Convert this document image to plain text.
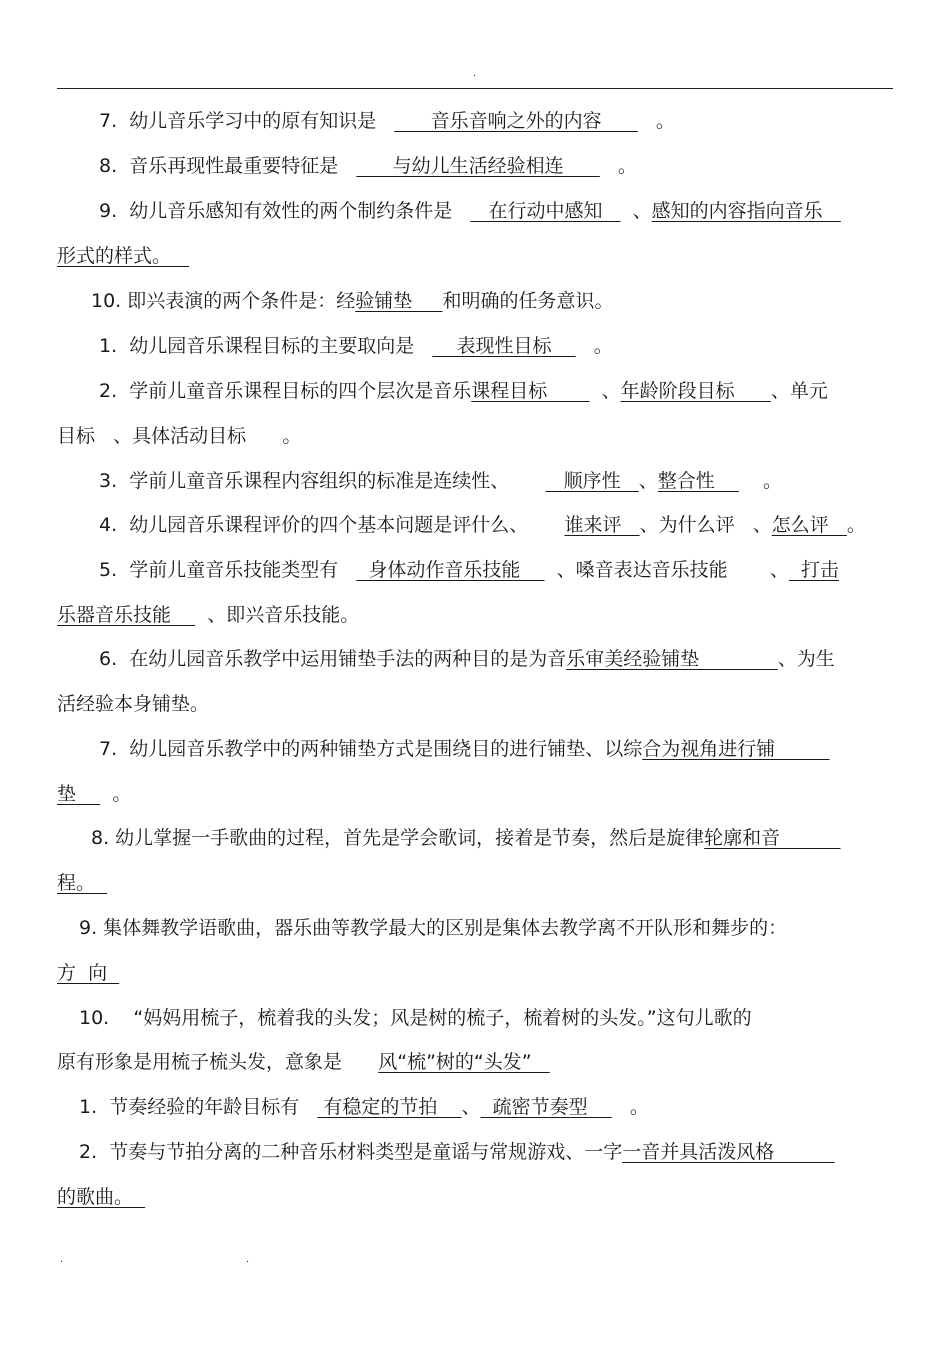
.
7.  幼儿音乐学习中的原有知识是         音乐音响之外的内容         。
8.  音乐再现性最重要特征是         与幼儿生活经验相连         。
9.  幼儿音乐感知有效性的两个制约条件是      在行动中感知     、感知的内容指向音乐
形式的样式。
10. 即兴表演的两个条件是：经验铺垫     和明确的任务意识。
1.  幼儿园音乐课程目标的主要取向是       表现性目标       。
2.  学前儿童音乐课程目标的四个层次是音乐课程目标         、年龄阶段目标      、单元
目标   、具体活动目标      。
3.  学前儿童音乐课程内容组织的标准是连续性、         顺序性   、整合性        。
4.  幼儿园音乐课程评价的四个基本问题是评什么、      谁来评   、为什么评   、怎么评   。
5.  学前儿童音乐技能类型有     身体动作音乐技能      、嗓音表达音乐技能       、  打击
乐器音乐技能      、即兴音乐技能。
6.  在幼儿园音乐教学中运用铺垫手法的两种目的是为音乐审美经验铺垫             、为生
活经验本身铺垫。
7.  幼儿园音乐教学中的两种铺垫方式是围绕目的进行铺垫、以综合为视角进行铺
垫      。
8. 幼儿掌握一手歌曲的过程，首先是学会歌词，接着是节奏，然后是旋律轮廓和音
程。
9. 集体舞教学语歌曲，器乐曲等教学最大的区别是集体去教学离不开队形和舞步的：
方  向
10.    “妈妈用梳子，梳着我的头发；风是树的梳子，梳着树的头发。”这句儿歌的
原有形象是用梳子梳头发，意象是      风“梳”树的“头发”
1.  节奏经验的年龄目标有    有稳定的节拍    、  疏密节奏型       。
2.  节奏与节拍分离的二种音乐材料类型是童谣与常规游戏、一字一音并具活泼风格
的歌曲。
.	.
